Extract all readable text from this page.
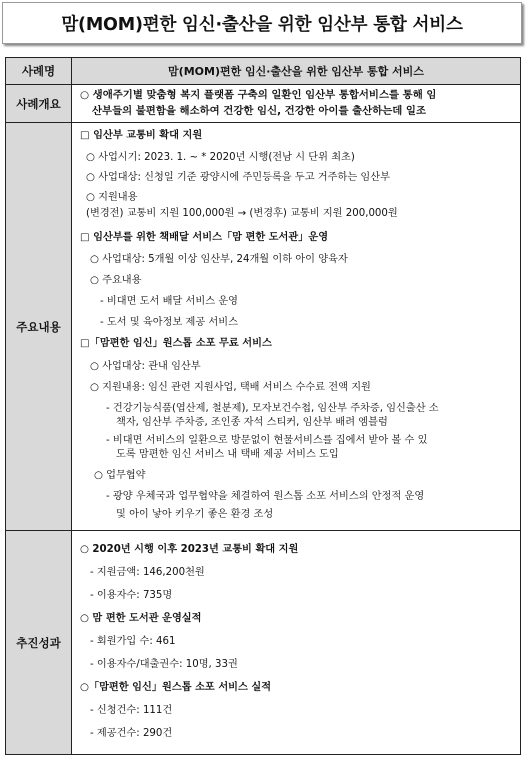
맘(MOM)편한 임신·출산을 위한 임산부 통합 서비스
사례명	맘(MOM)편한 임신·출산을 위한 임산부 통합 서비스
사례개요
○ 생애주기별 맞춤형 복지 플랫폼 구축의 일환인 임산부 통합서비스를 통해 임
산부들의 불편함을 해소하여 건강한 임신, 건강한 아이를 출산하는데 일조
주요내용
□ 임산부 교통비 확대 지원
○ 사업시기: 2023. 1. ~ * 2020년 시행(전남 시 단위 최초)
○ 사업대상: 신청일 기준 광양시에 주민등록을 두고 거주하는 임산부
○ 지원내용
(변경전) 교통비 지원 100,000원 → (변경후) 교통비 지원 200,000원
□ 임산부를 위한 책배달 서비스「맘 편한 도서관」운영
○ 사업대상: 5개월 이상 임산부, 24개월 이하 아이 양육자
○ 주요내용
- 비대면 도서 배달 서비스 운영
- 도서 및 육아정보 제공 서비스
□「맘편한 임신」원스톱 소포 무료 서비스
○ 사업대상: 관내 임산부
○ 지원내용: 임신 관련 지원사업, 택배 서비스 수수료 전액 지원
- 건강기능식품(엽산제, 철분제), 모자보건수첩, 임산부 주차증, 임신출산 소
책자, 임산부 주차증, 조인종 자석 스티커, 임산부 배려 엠블럼
- 비대면 서비스의 일환으로 방문없이 현물서비스를 집에서 받아 볼 수 있
도록 맘편한 임신 서비스 내 택배 제공 서비스 도입
○ 업무협약
- 광양 우체국과 업무협약을 체결하여 원스톱 소포 서비스의 안정적 운영
및 아이 낳아 키우기 좋은 환경 조성
추진성과
○ 2020년 시행 이후 2023년 교통비 확대 지원
- 지원금액: 146,200천원
- 이용자수: 735명
○ 맘 편한 도서관 운영실적
- 회원가입 수: 461
- 이용자수/대출권수: 10명, 33권
○「맘편한 임신」원스톱 소포 서비스 실적
- 신청건수: 111건
- 제공건수: 290건
